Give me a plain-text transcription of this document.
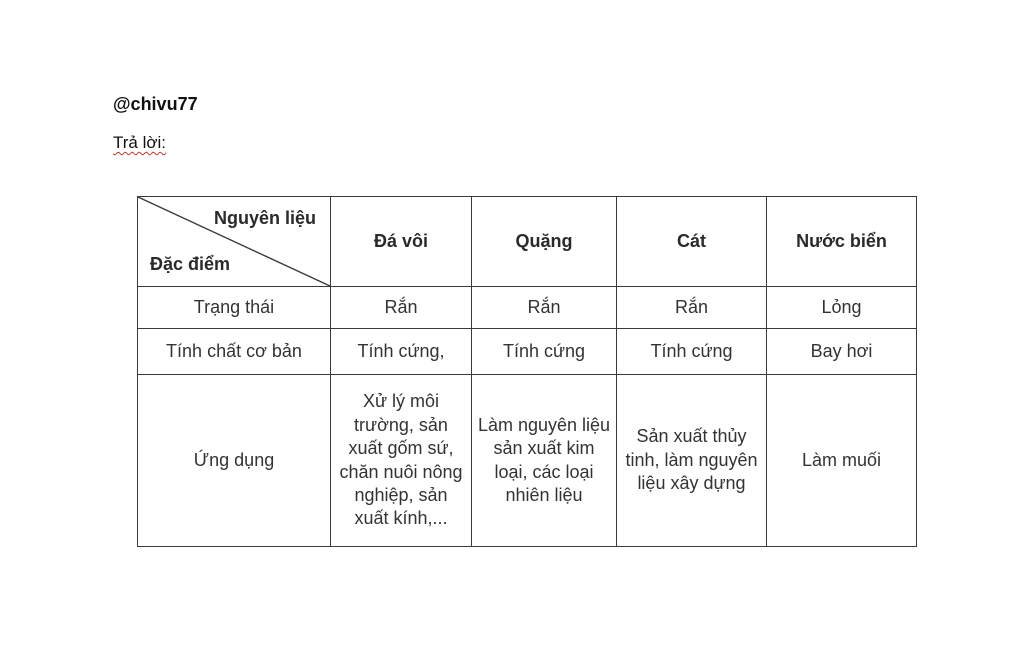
@chivu77
Trả lời:
Nguyên liệu
Đặc điểm	Đá vôi	Quặng	Cát	Nước biển
Trạng thái	Rắn	Rắn	Rắn	Lỏng
Tính chất cơ bản	Tính cứng,	Tính cứng	Tính cứng	Bay hơi
Ứng dụng	Xử lý môi trường, sản xuất gốm sứ, chăn nuôi nông nghiệp, sản xuất kính,...	Làm nguyên liệu sản xuất kim loại, các loại nhiên liệu	Sản xuất thủy tinh, làm nguyên liệu xây dựng	Làm muối
